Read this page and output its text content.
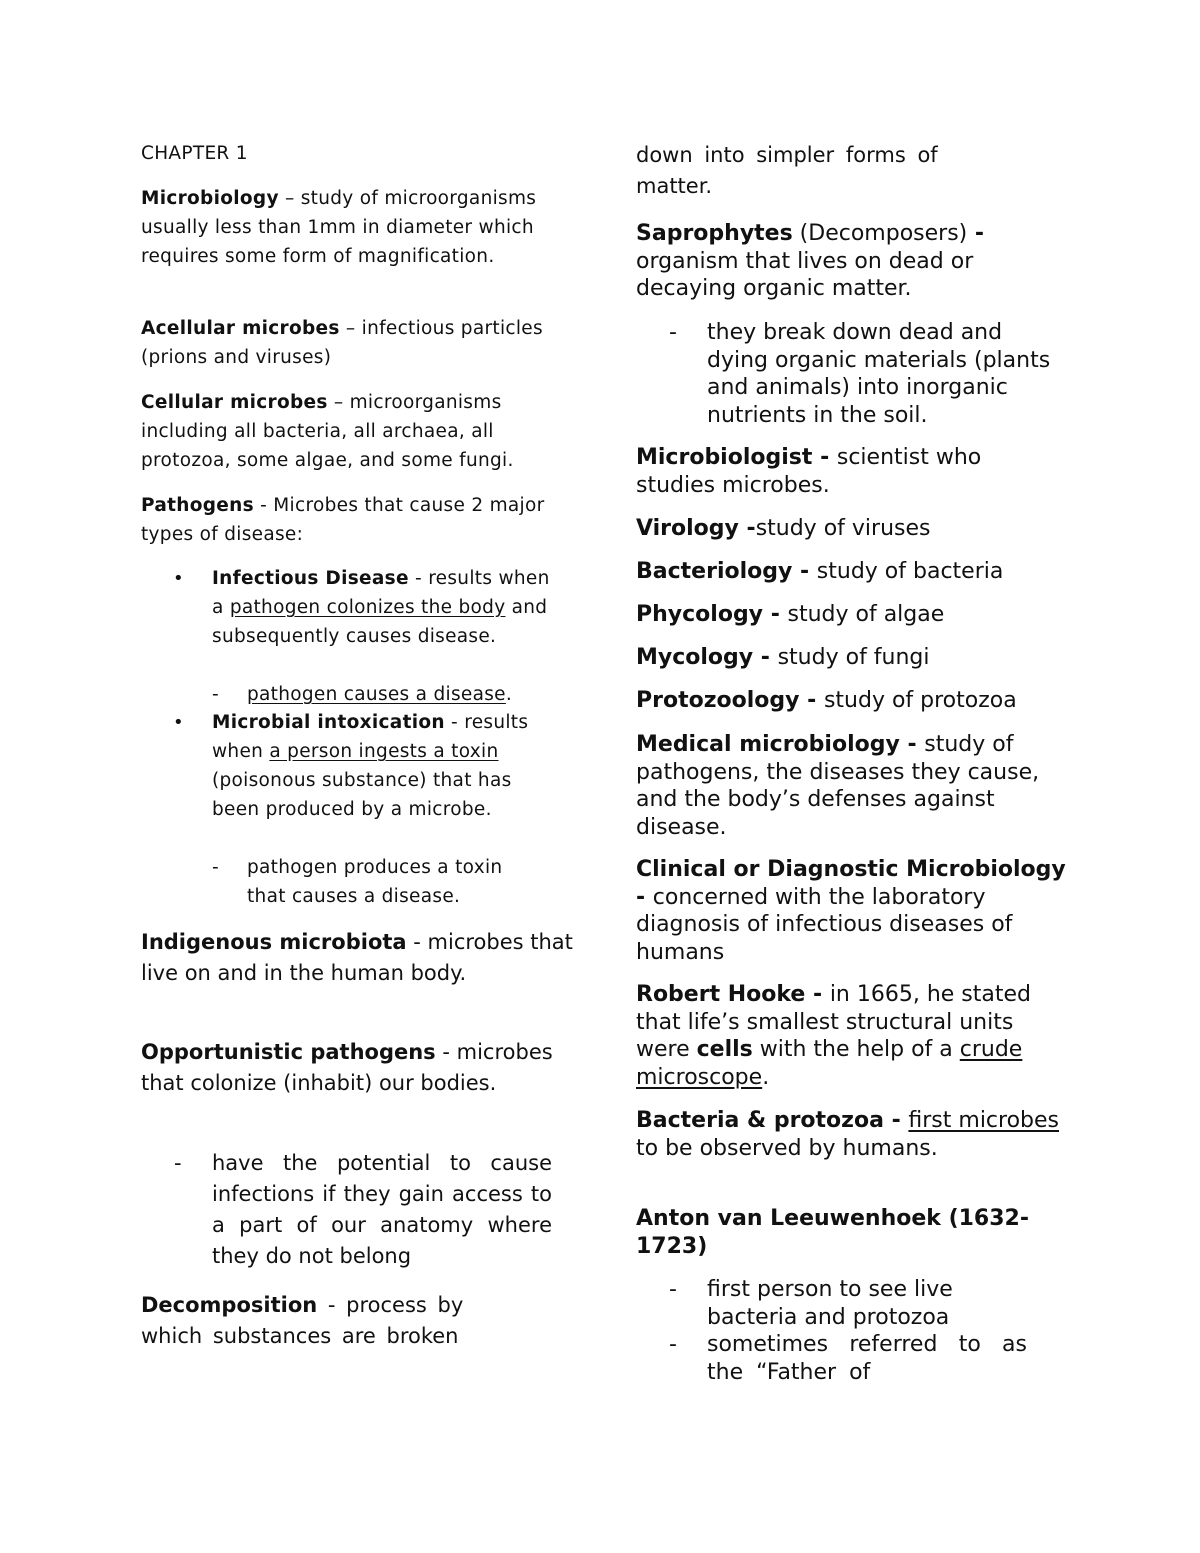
CHAPTER 1

Microbiology – study of microorganisms usually less than 1mm in diameter which requires some form of magnification.

Acellular microbes – infectious particles (prions and viruses)

Cellular microbes – microorganisms including all bacteria, all archaea, all protozoa, some algae, and some fungi.

Pathogens - Microbes that cause 2 major types of disease:

• Infectious Disease - results when a pathogen colonizes the body and subsequently causes disease.

- pathogen causes a disease.

• Microbial intoxication - results when a person ingests a toxin (poisonous substance) that has been produced by a microbe.

- pathogen produces a toxin that causes a disease.

Indigenous microbiota - microbes that live on and in the human body.

Opportunistic pathogens - microbes that colonize (inhabit) our bodies.

- have the potential to cause infections if they gain access to a part of our anatomy where they do not belong

Decomposition - process by which substances are broken

down into simpler forms of matter.

Saprophytes (Decomposers) - organism that lives on dead or decaying organic matter.

- they break down dead and dying organic materials (plants and animals) into inorganic nutrients in the soil.

Microbiologist - scientist who studies microbes.

Virology -study of viruses

Bacteriology - study of bacteria

Phycology - study of algae

Mycology - study of fungi

Protozoology - study of protozoa

Medical microbiology - study of pathogens, the diseases they cause, and the body’s defenses against disease.

Clinical or Diagnostic Microbiology - concerned with the laboratory diagnosis of infectious diseases of humans

Robert Hooke - in 1665, he stated that life’s smallest structural units were cells with the help of a crude microscope.

Bacteria & protozoa - first microbes to be observed by humans.

Anton van Leeuwenhoek (1632-1723)

- first person to see live bacteria and protozoa

- sometimes referred to as the “Father of
